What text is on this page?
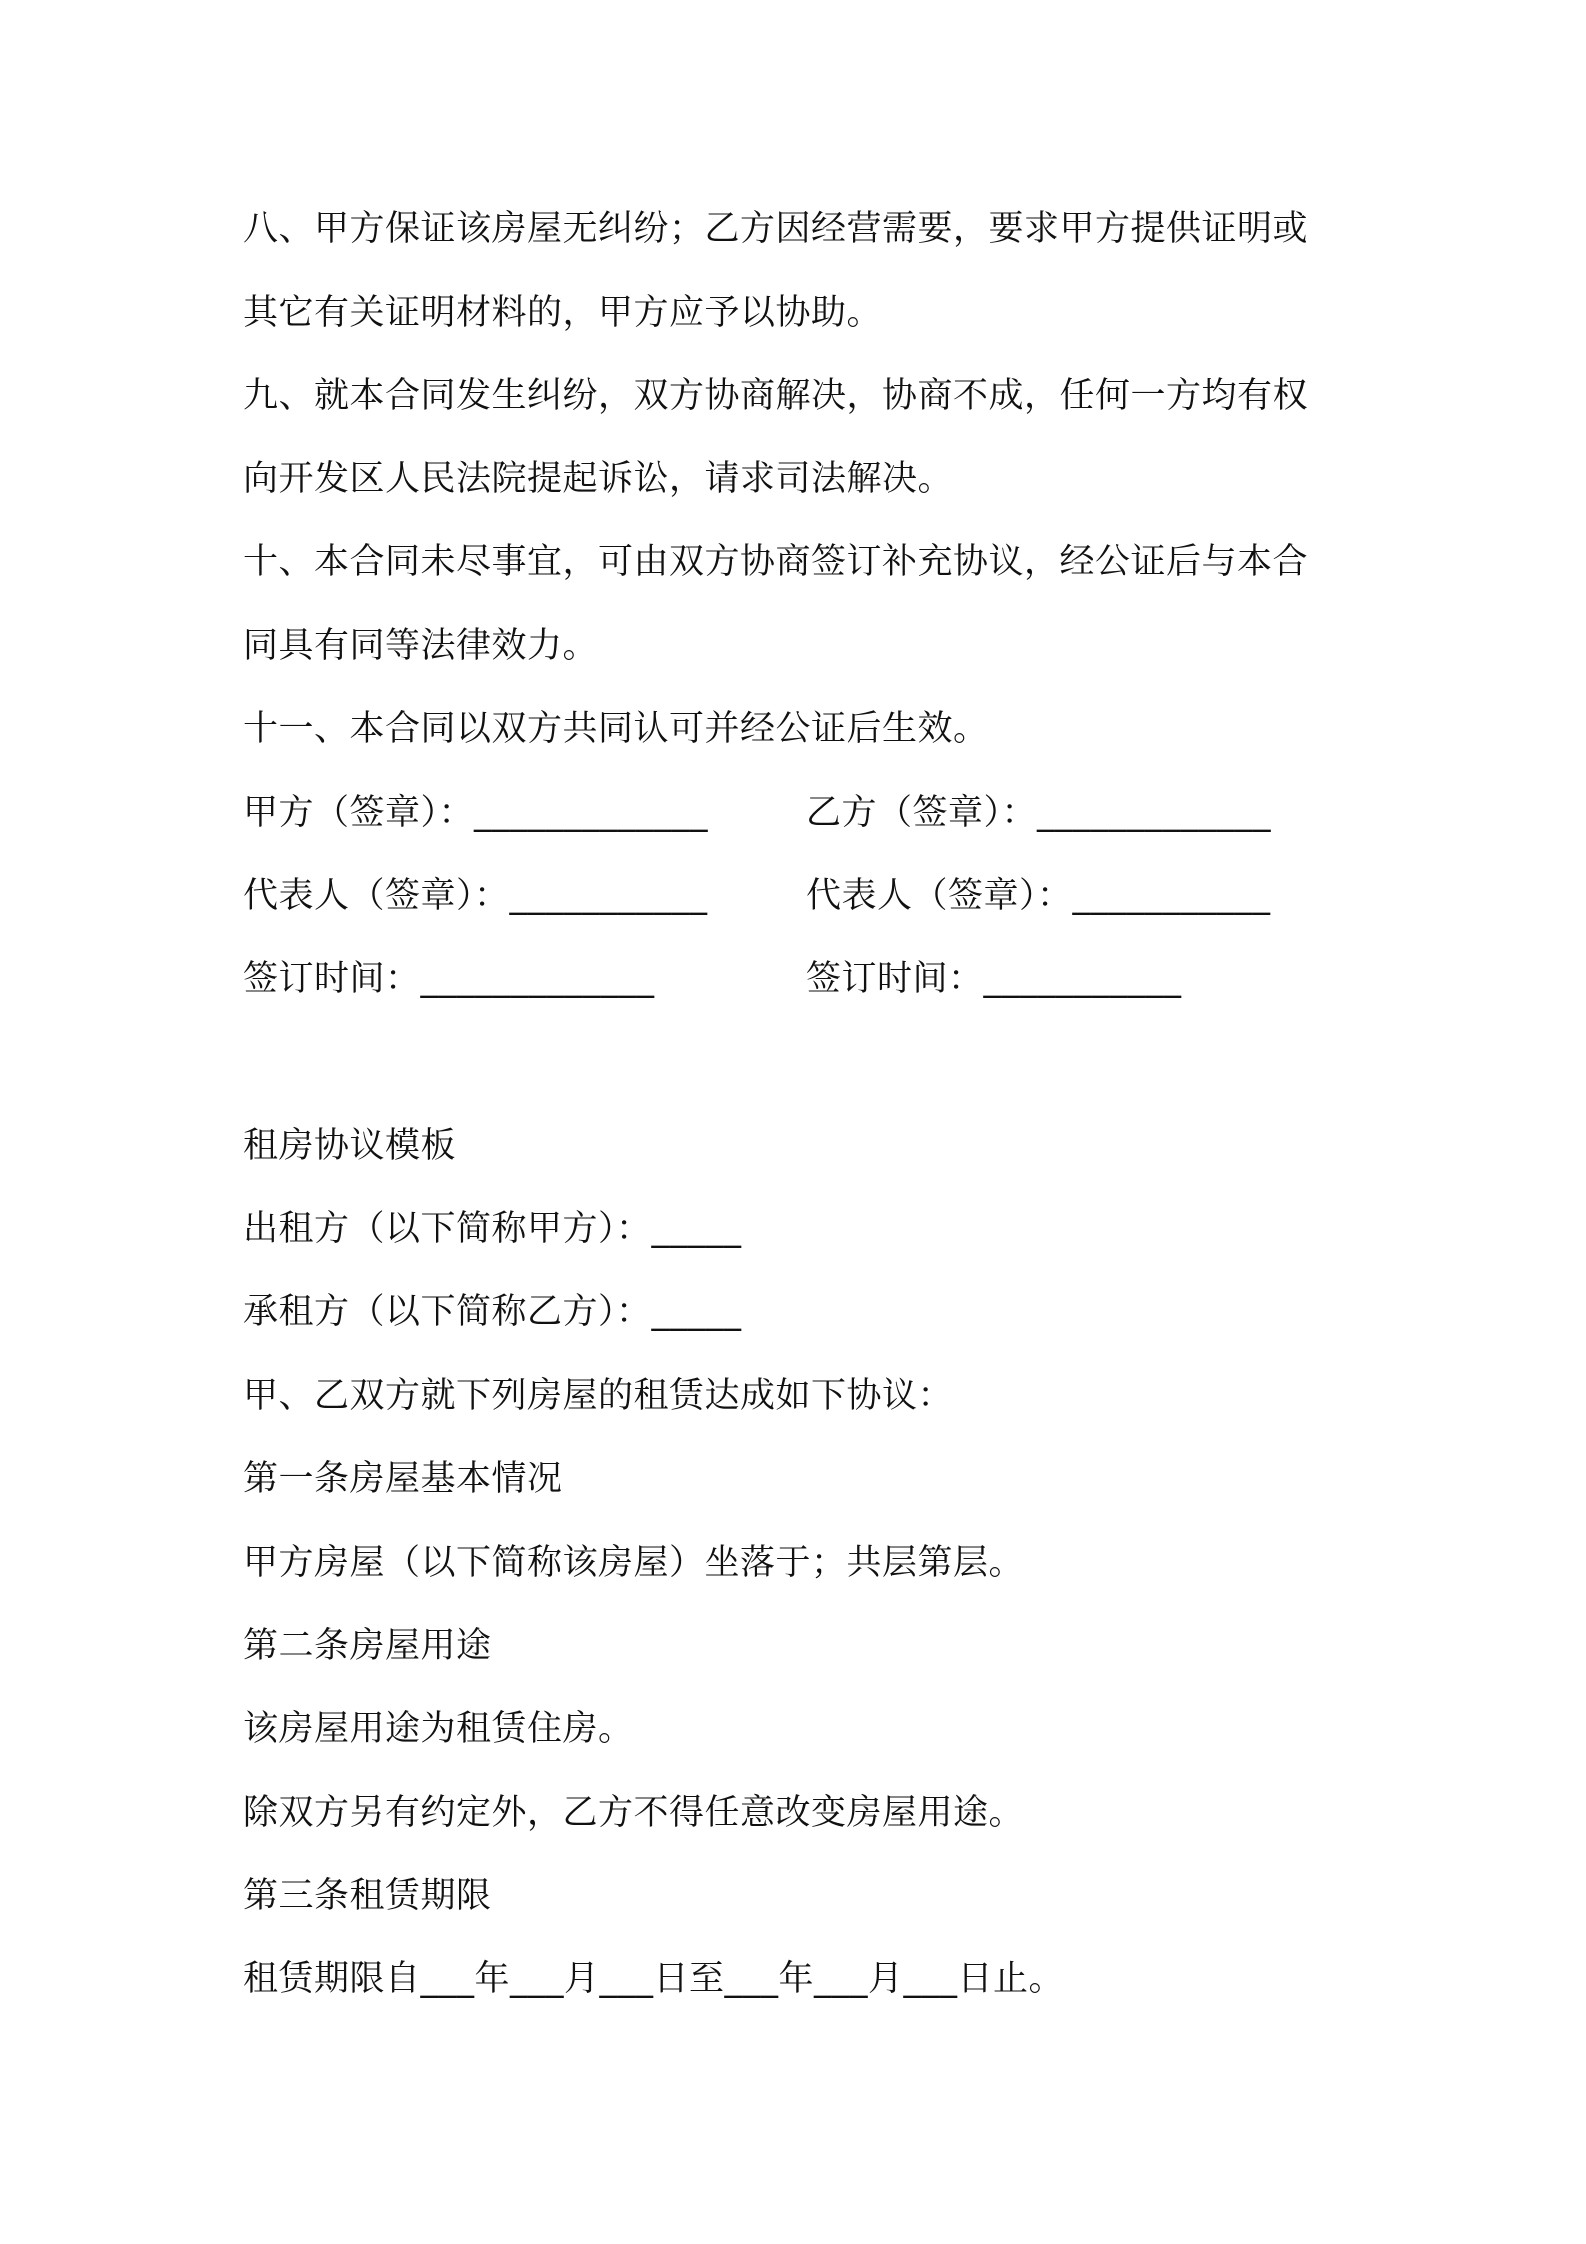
八、甲方保证该房屋无纠纷；乙方因经营需要，要求甲方提供证明或
其它有关证明材料的，甲方应予以协助。
九、就本合同发生纠纷，双方协商解决，协商不成，任何一方均有权
向开发区人民法院提起诉讼，请求司法解决。
十、本合同未尽事宜，可由双方协商签订补充协议，经公证后与本合
同具有同等法律效力。
十一、本合同以双方共同认可并经公证后生效。
甲方（签章）：_____________	乙方（签章）：_____________
代表人（签章）：___________	代表人（签章）：___________
签订时间：_____________	签订时间：___________
租房协议模板
出租方（以下简称甲方）：_____
承租方（以下简称乙方）：_____
甲、乙双方就下列房屋的租赁达成如下协议：
第一条房屋基本情况
甲方房屋（以下简称该房屋）坐落于；共层第层。
第二条房屋用途
该房屋用途为租赁住房。
除双方另有约定外，乙方不得任意改变房屋用途。
第三条租赁期限
租赁期限自___年___月___日至___年___月___日止。
